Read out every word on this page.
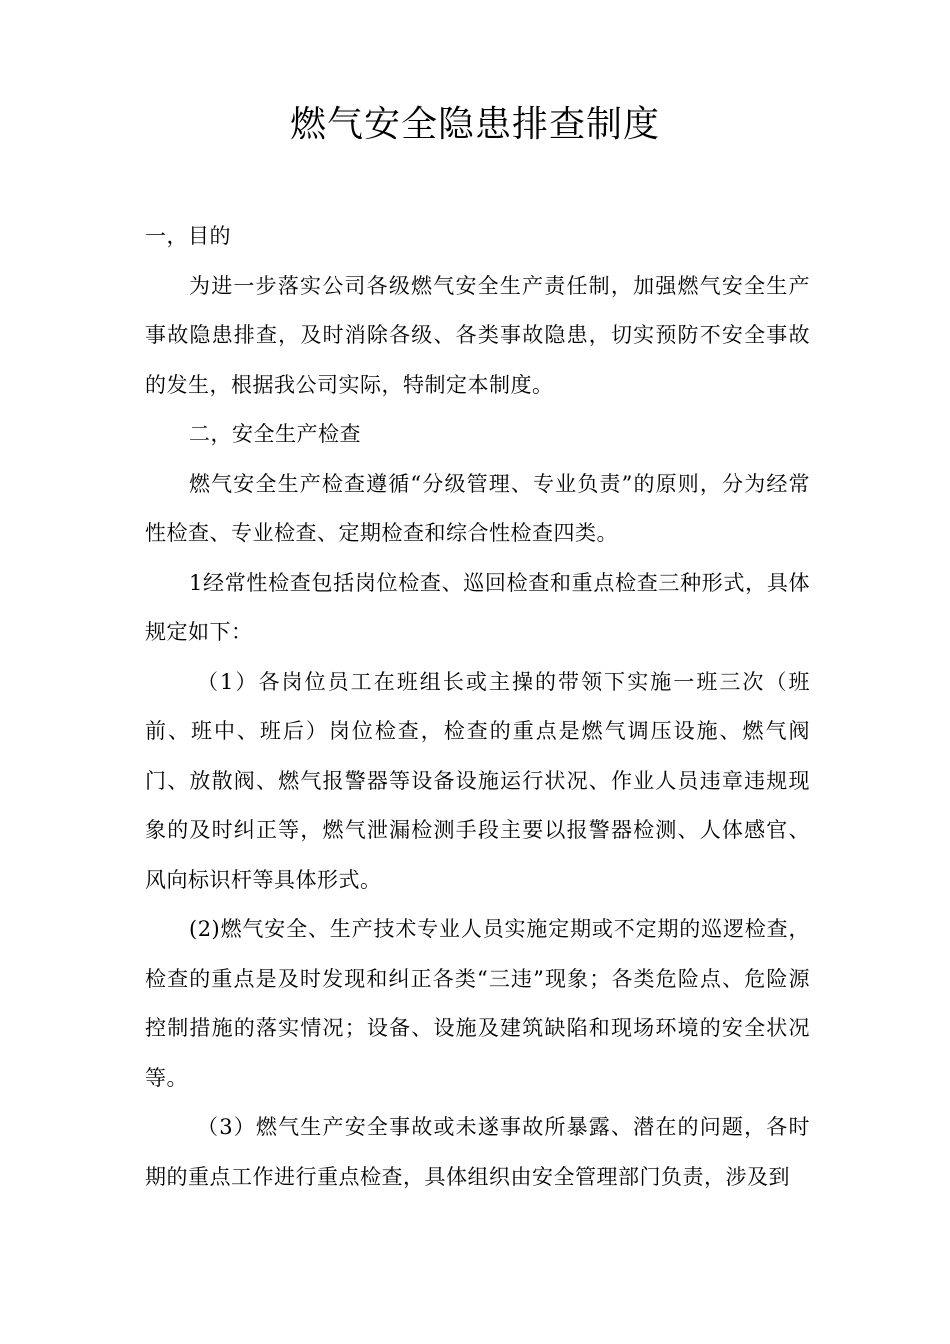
燃气安全隐患排查制度

一，目的

为进一步落实公司各级燃气安全生产责任制，加强燃气安全生产事故隐患排查，及时消除各级、各类事故隐患，切实预防不安全事故的发生，根据我公司实际，特制定本制度。

二，安全生产检查

燃气安全生产检查遵循“分级管理、专业负责”的原则，分为经常性检查、专业检查、定期检查和综合性检查四类。

1经常性检查包括岗位检查、巡回检查和重点检查三种形式，具体规定如下：

（1）各岗位员工在班组长或主操的带领下实施一班三次（班前、班中、班后）岗位检查，检查的重点是燃气调压设施、燃气阀门、放散阀、燃气报警器等设备设施运行状况、作业人员违章违规现象的及时纠正等，燃气泄漏检测手段主要以报警器检测、人体感官、风向标识杆等具体形式。

(2)燃气安全、生产技术专业人员实施定期或不定期的巡逻检查，检查的重点是及时发现和纠正各类“三违”现象；各类危险点、危险源控制措施的落实情况；设备、设施及建筑缺陷和现场环境的安全状况等。

（3）燃气生产安全事故或未遂事故所暴露、潜在的问题，各时期的重点工作进行重点检查，具体组织由安全管理部门负责，涉及到
